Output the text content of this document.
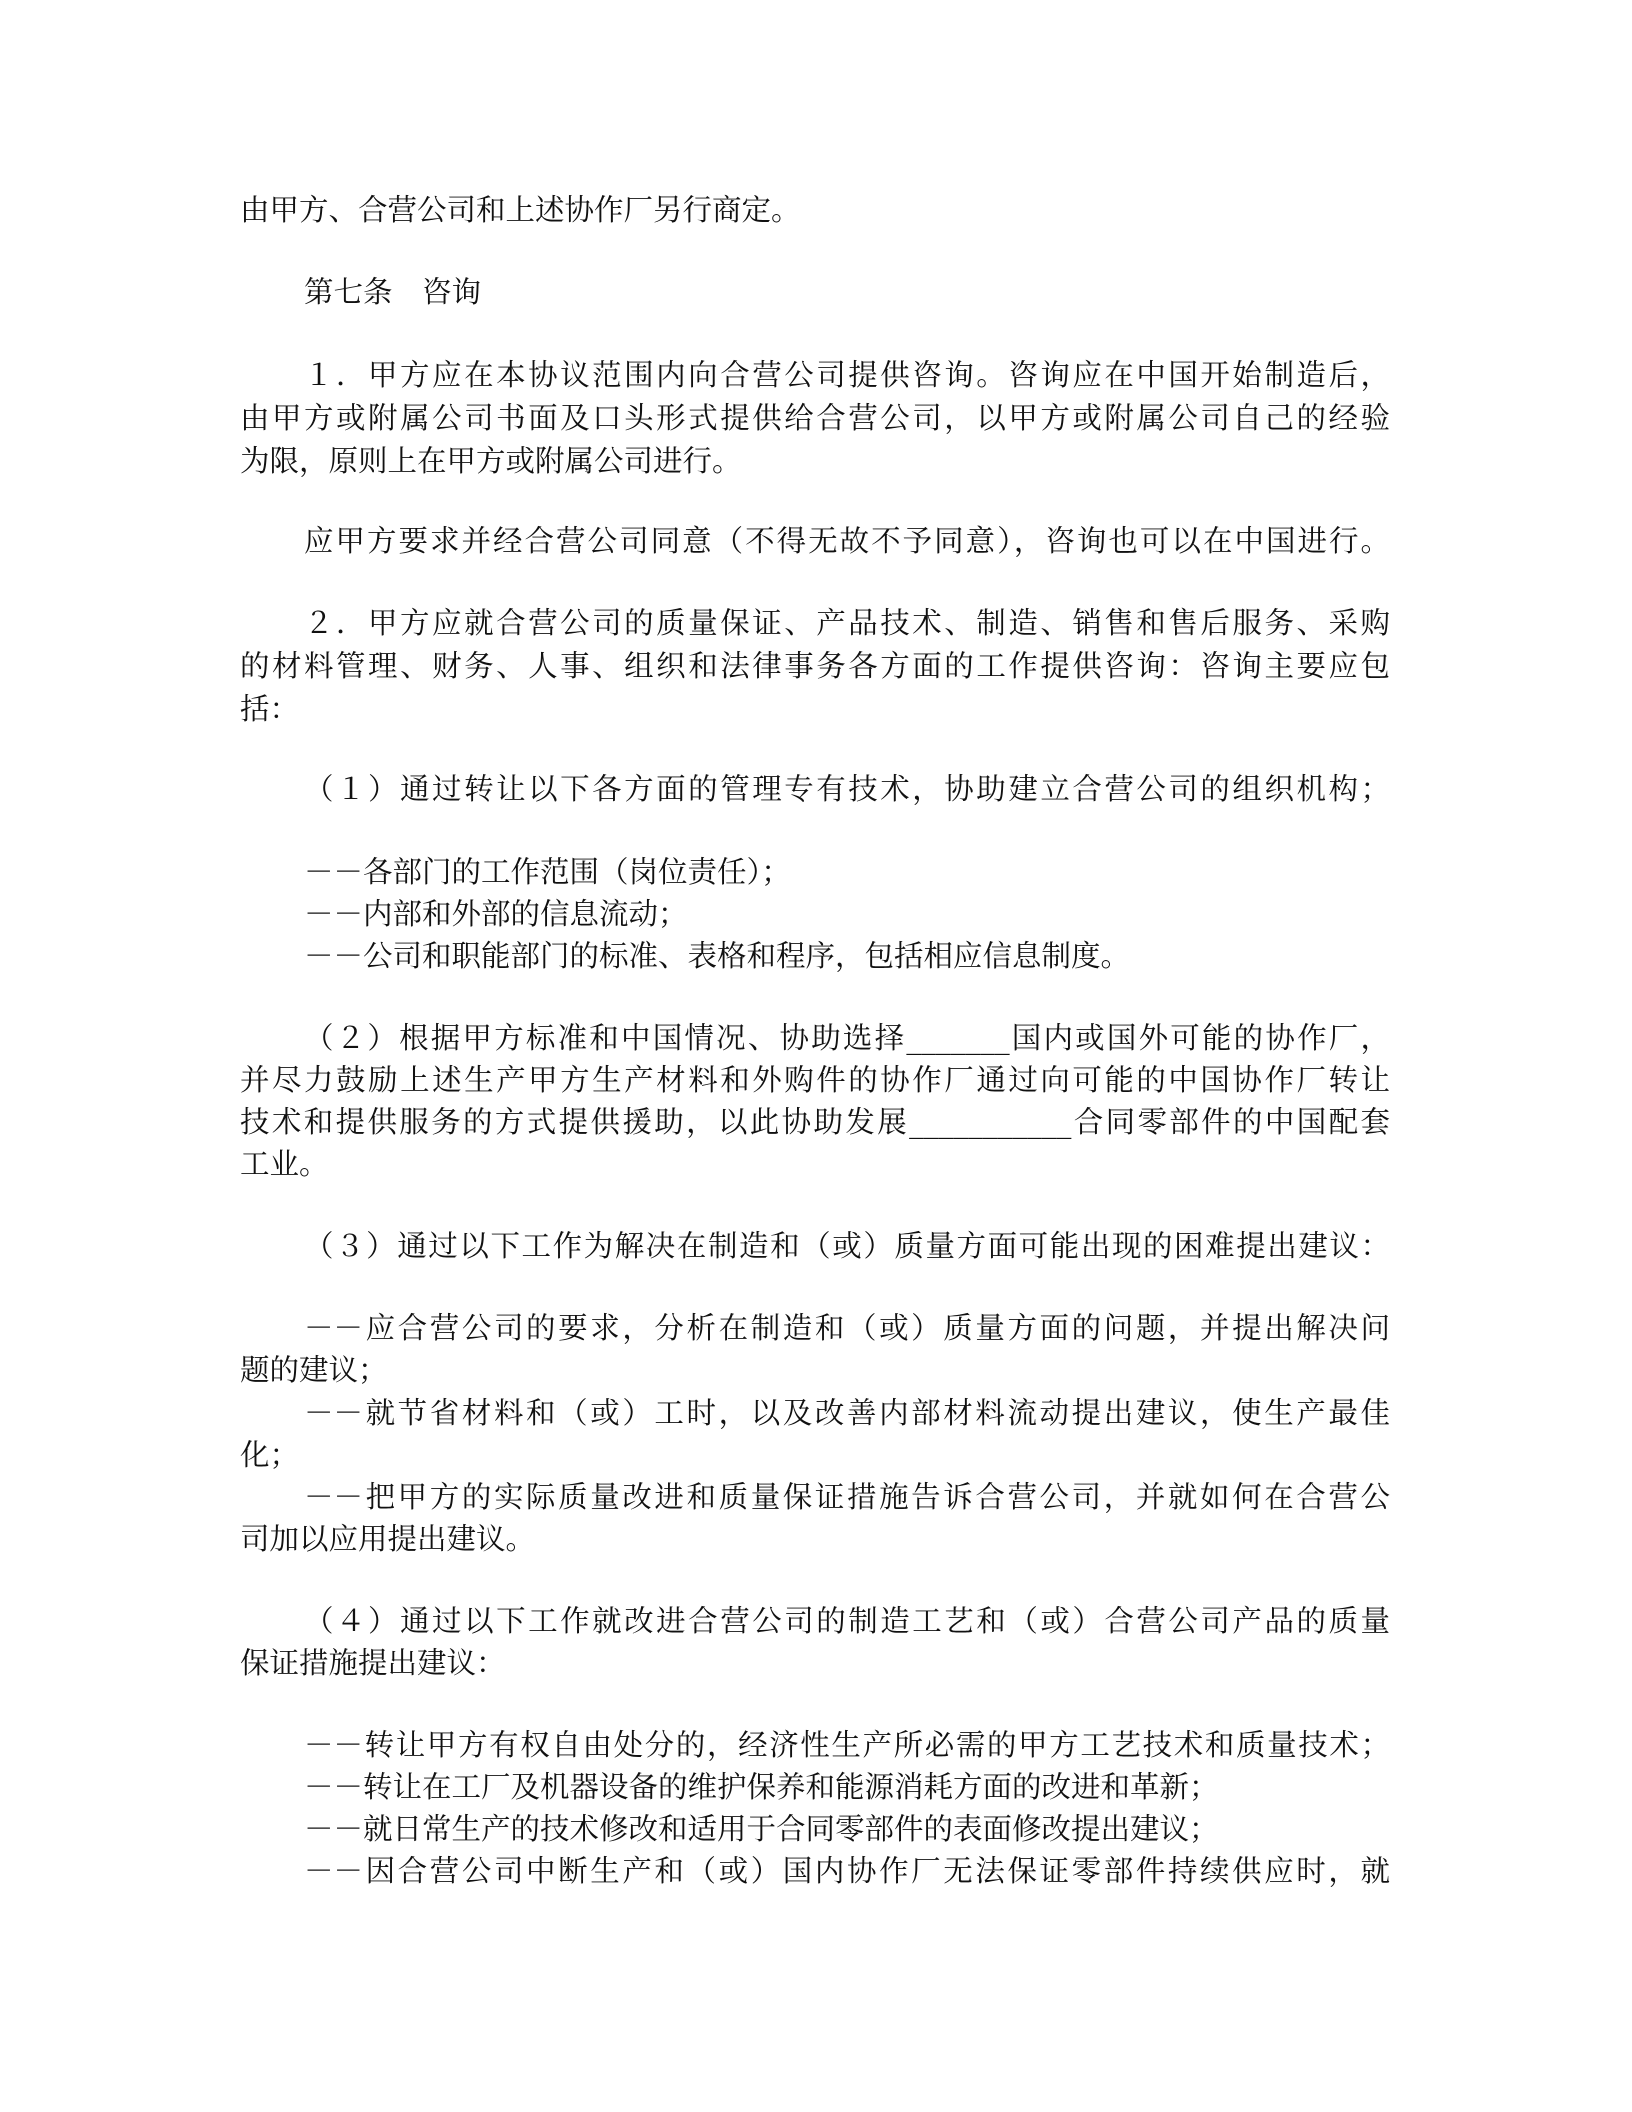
由甲方、合营公司和上述协作厂另行商定。
第七条　咨询
１．甲方应在本协议范围内向合营公司提供咨询。咨询应在中国开始制造后，
由甲方或附属公司书面及口头形式提供给合营公司，以甲方或附属公司自己的经验
为限，原则上在甲方或附属公司进行。
应甲方要求并经合营公司同意（不得无故不予同意），咨询也可以在中国进行。
２．甲方应就合营公司的质量保证、产品技术、制造、销售和售后服务、采购
的材料管理、财务、人事、组织和法律事务各方面的工作提供咨询：咨询主要应包
括：
（１）通过转让以下各方面的管理专有技术，协助建立合营公司的组织机构；
－－各部门的工作范围（岗位责任）；
－－内部和外部的信息流动；
－－公司和职能部门的标准、表格和程序，包括相应信息制度。
（２）根据甲方标准和中国情况、协助选择_______国内或国外可能的协作厂，
并尽力鼓励上述生产甲方生产材料和外购件的协作厂通过向可能的中国协作厂转让
技术和提供服务的方式提供援助，以此协助发展___________合同零部件的中国配套
工业。
（３）通过以下工作为解决在制造和（或）质量方面可能出现的困难提出建议：
－－应合营公司的要求，分析在制造和（或）质量方面的问题，并提出解决问
题的建议；
－－就节省材料和（或）工时，以及改善内部材料流动提出建议，使生产最佳
化；
－－把甲方的实际质量改进和质量保证措施告诉合营公司，并就如何在合营公
司加以应用提出建议。
（４）通过以下工作就改进合营公司的制造工艺和（或）合营公司产品的质量
保证措施提出建议：
－－转让甲方有权自由处分的，经济性生产所必需的甲方工艺技术和质量技术；
－－转让在工厂及机器设备的维护保养和能源消耗方面的改进和革新；
－－就日常生产的技术修改和适用于合同零部件的表面修改提出建议；
－－因合营公司中断生产和（或）国内协作厂无法保证零部件持续供应时，就
